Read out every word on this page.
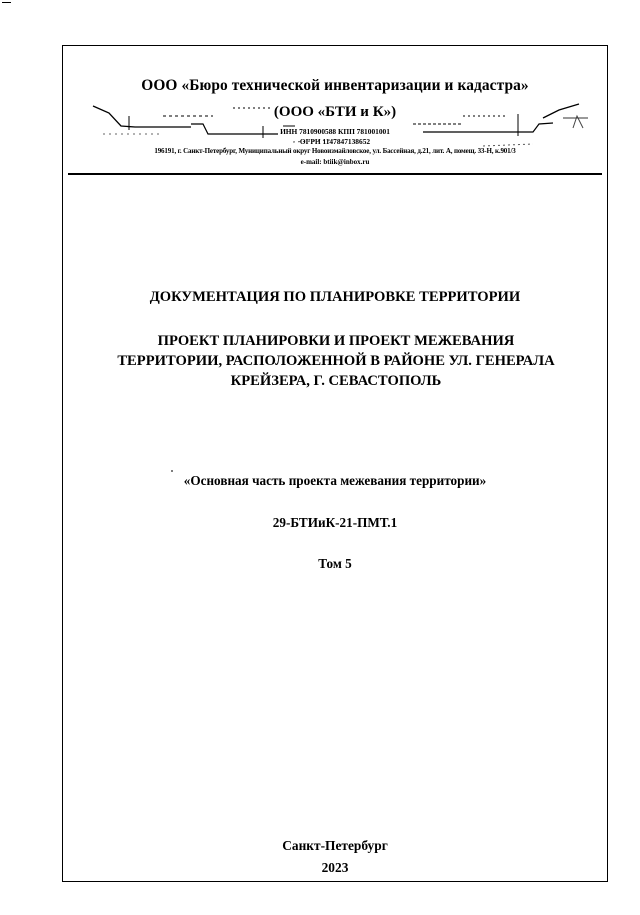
ООО «Бюро технической инвентаризации и кадастра»
(ООО «БТИ и К»)
ИНН 7810900588 КПП 781001001
ОГРН 1147847138652
196191, г. Санкт-Петербург, Муниципальный округ Новоизмайловское, ул. Бассейная, д.21, лит. А, помещ. 33-Н, к.901/3
e-mail: btiik@inbox.ru
ДОКУМЕНТАЦИЯ ПО ПЛАНИРОВКЕ ТЕРРИТОРИИ
ПРОЕКТ ПЛАНИРОВКИ И ПРОЕКТ МЕЖЕВАНИЯ
ТЕРРИТОРИИ, РАСПОЛОЖЕННОЙ В РАЙОНЕ УЛ. ГЕНЕРАЛА
КРЕЙЗЕРА, Г. СЕВАСТОПОЛЬ
«Основная часть проекта межевания территории»
29-БТИиК-21-ПМТ.1
Том 5
Санкт-Петербург
2023
